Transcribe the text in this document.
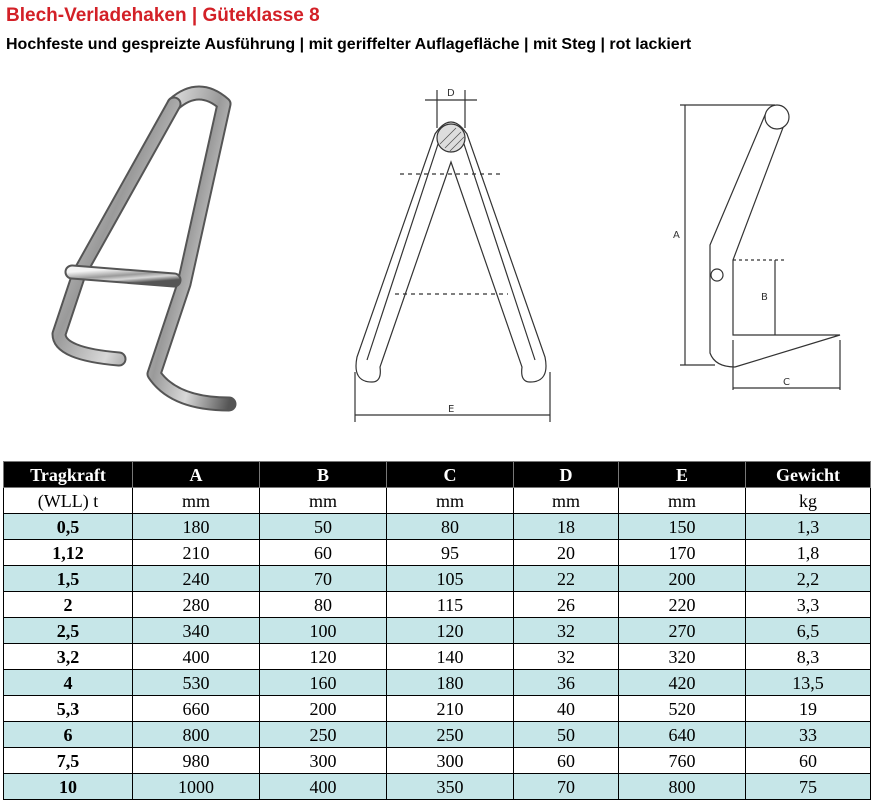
Blech-Verladehaken | Güteklasse 8
Hochfeste und gespreizte Ausführung | mit geriffelter Auflagefläche | mit Steg | rot lackiert
D
E
A
B
C
Tragkraft	A	B	C	D	E	Gewicht
(WLL) t	mm	mm	mm	mm	mm	kg
0,5	180	50	80	18	150	1,3
1,12	210	60	95	20	170	1,8
1,5	240	70	105	22	200	2,2
2	280	80	115	26	220	3,3
2,5	340	100	120	32	270	6,5
3,2	400	120	140	32	320	8,3
4	530	160	180	36	420	13,5
5,3	660	200	210	40	520	19
6	800	250	250	50	640	33
7,5	980	300	300	60	760	60
10	1000	400	350	70	800	75
